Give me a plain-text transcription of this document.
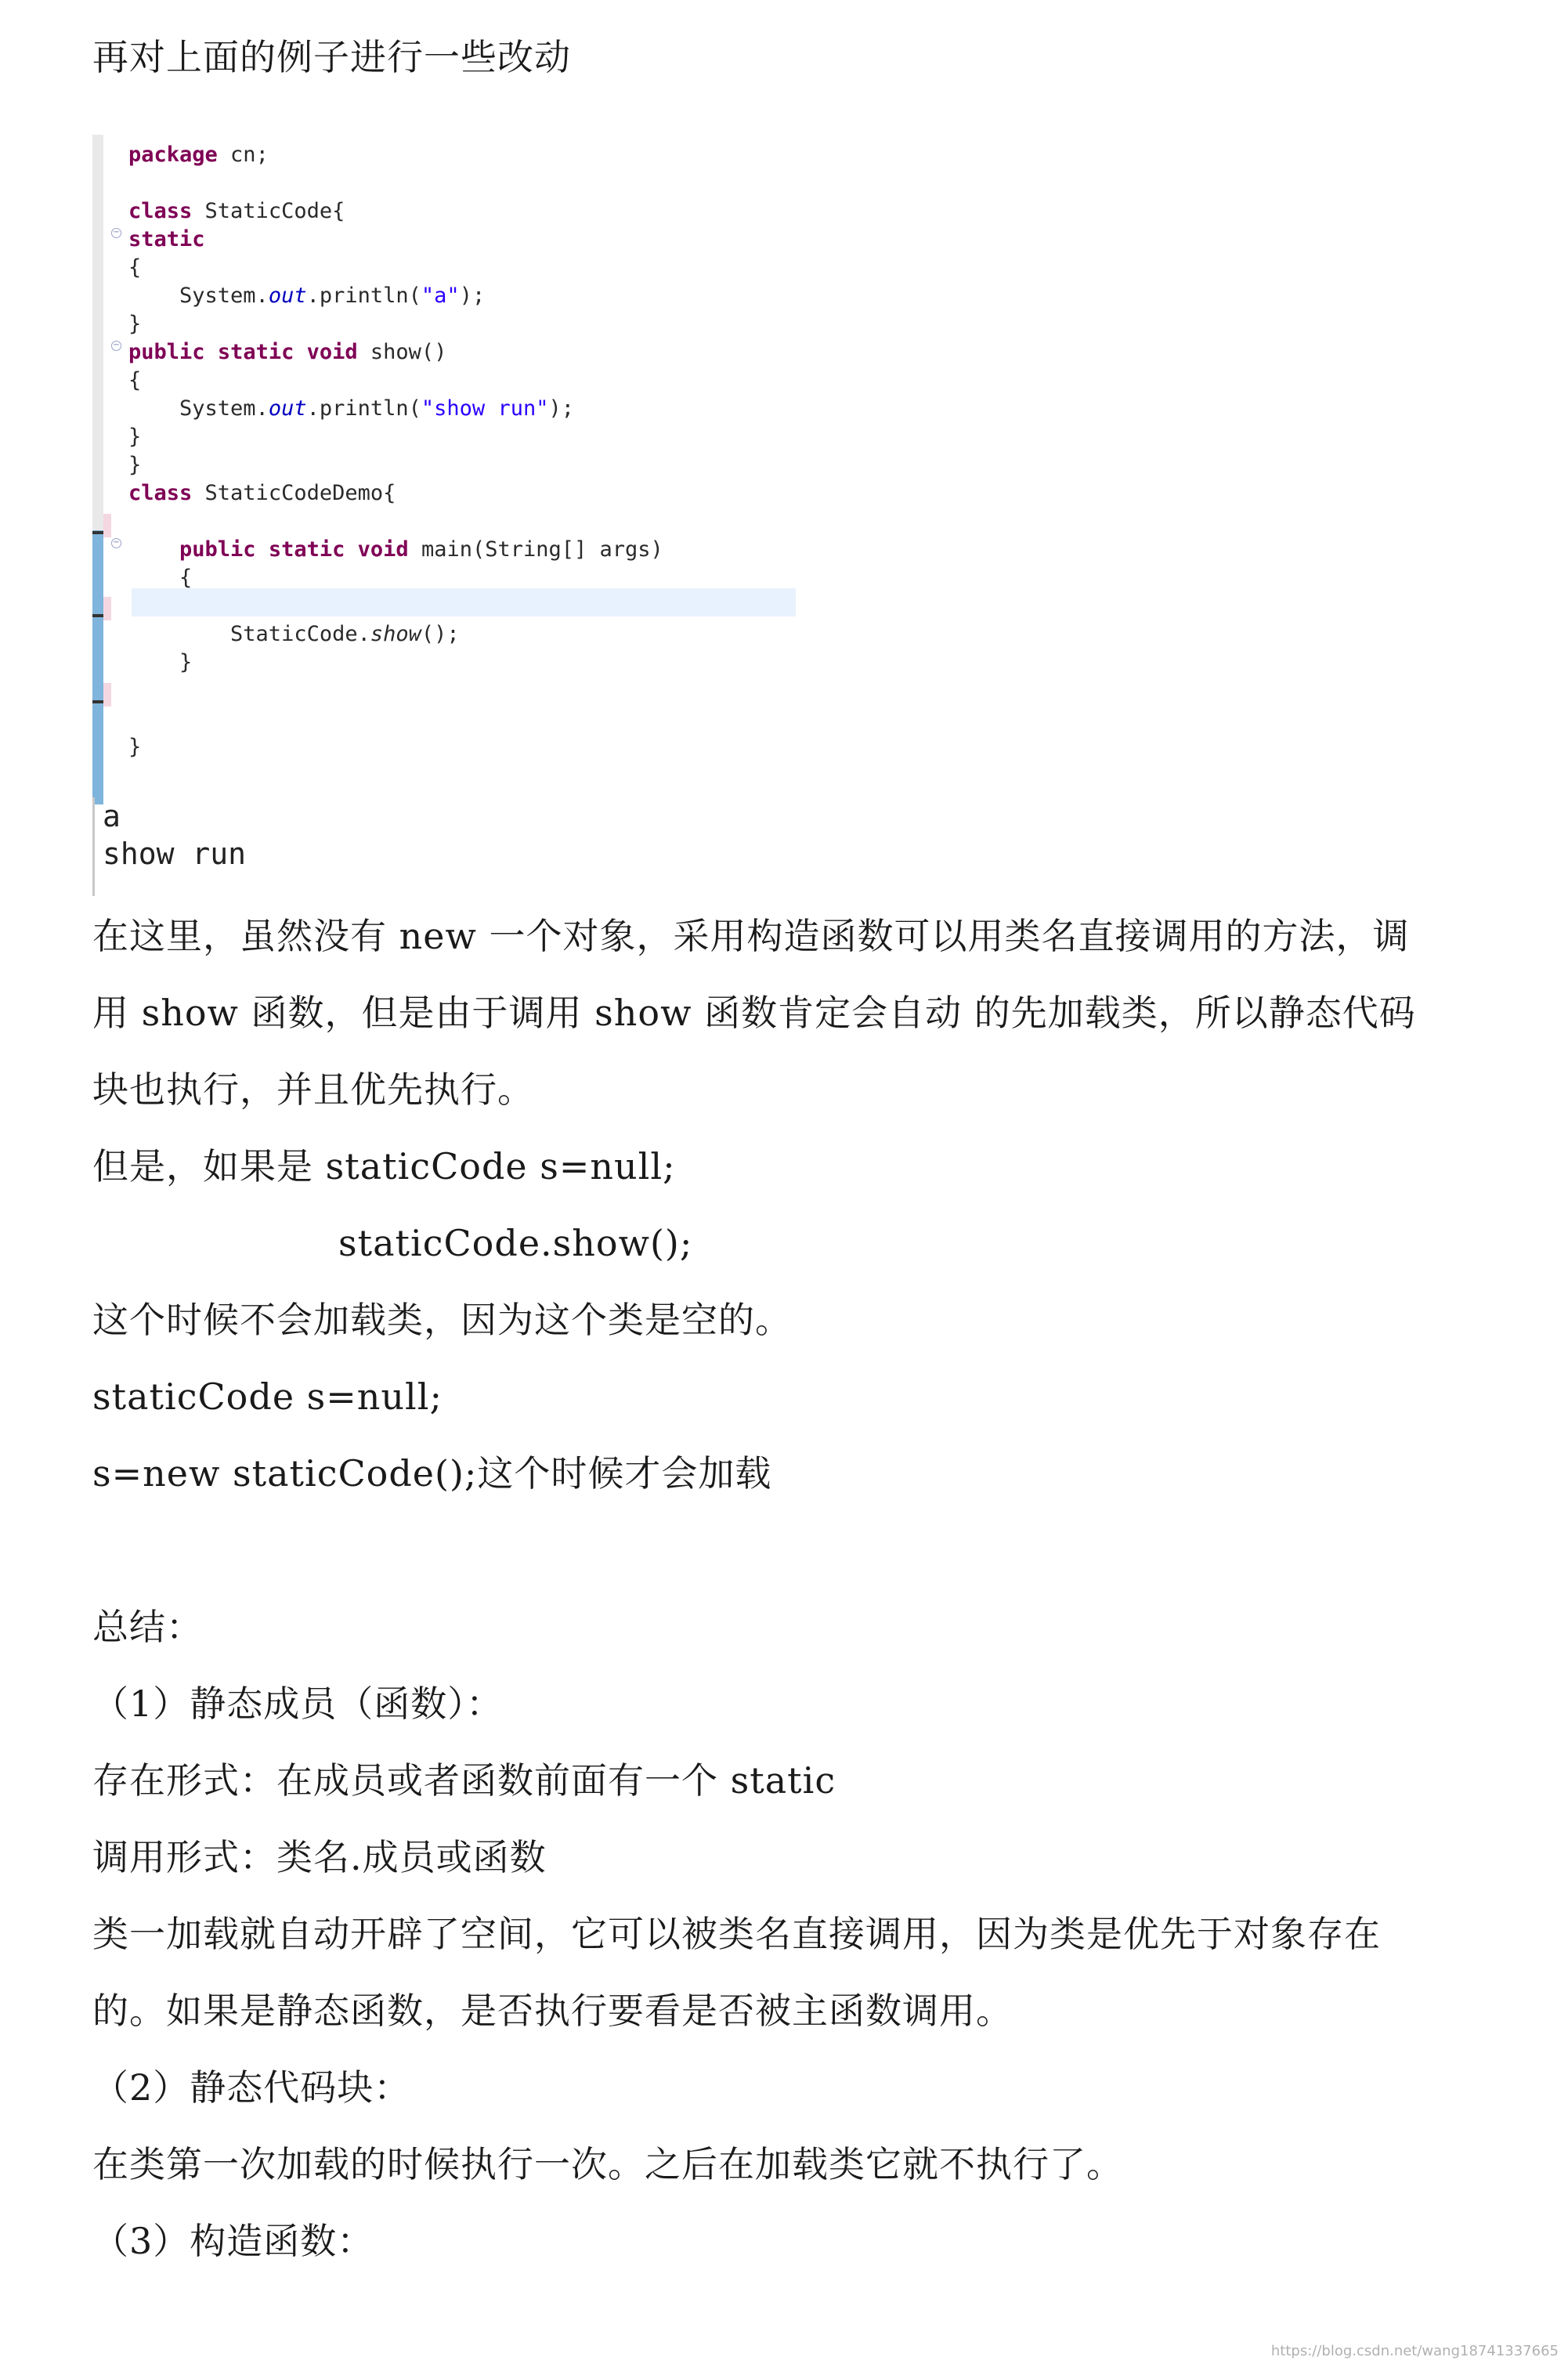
再对上面的例子进行一些改动
−
−
−
package cn;
class StaticCode{
static
{
System.out.println("a");
}
public static void show()
{
System.out.println("show run");
}
}
class StaticCodeDemo{
public static void main(String[] args)
{
StaticCode.show();
}
}
a
show run
在这里，虽然没有 new 一个对象，采用构造函数可以用类名直接调用的方法，调
用 show 函数，但是由于调用 show 函数肯定会自动 的先加载类，所以静态代码
块也执行，并且优先执行。
但是，如果是 staticCode s=null;
staticCode.show();
这个时候不会加载类，因为这个类是空的。
staticCode s=null;
s=new staticCode();这个时候才会加载
总结：
（1）静态成员（函数）：
存在形式：在成员或者函数前面有一个 static
调用形式：类名.成员或函数
类一加载就自动开辟了空间，它可以被类名直接调用，因为类是优先于对象存在
的。如果是静态函数，是否执行要看是否被主函数调用。
（2）静态代码块：
在类第一次加载的时候执行一次。之后在加载类它就不执行了。
（3）构造函数：
https://blog.csdn.net/wang18741337665
